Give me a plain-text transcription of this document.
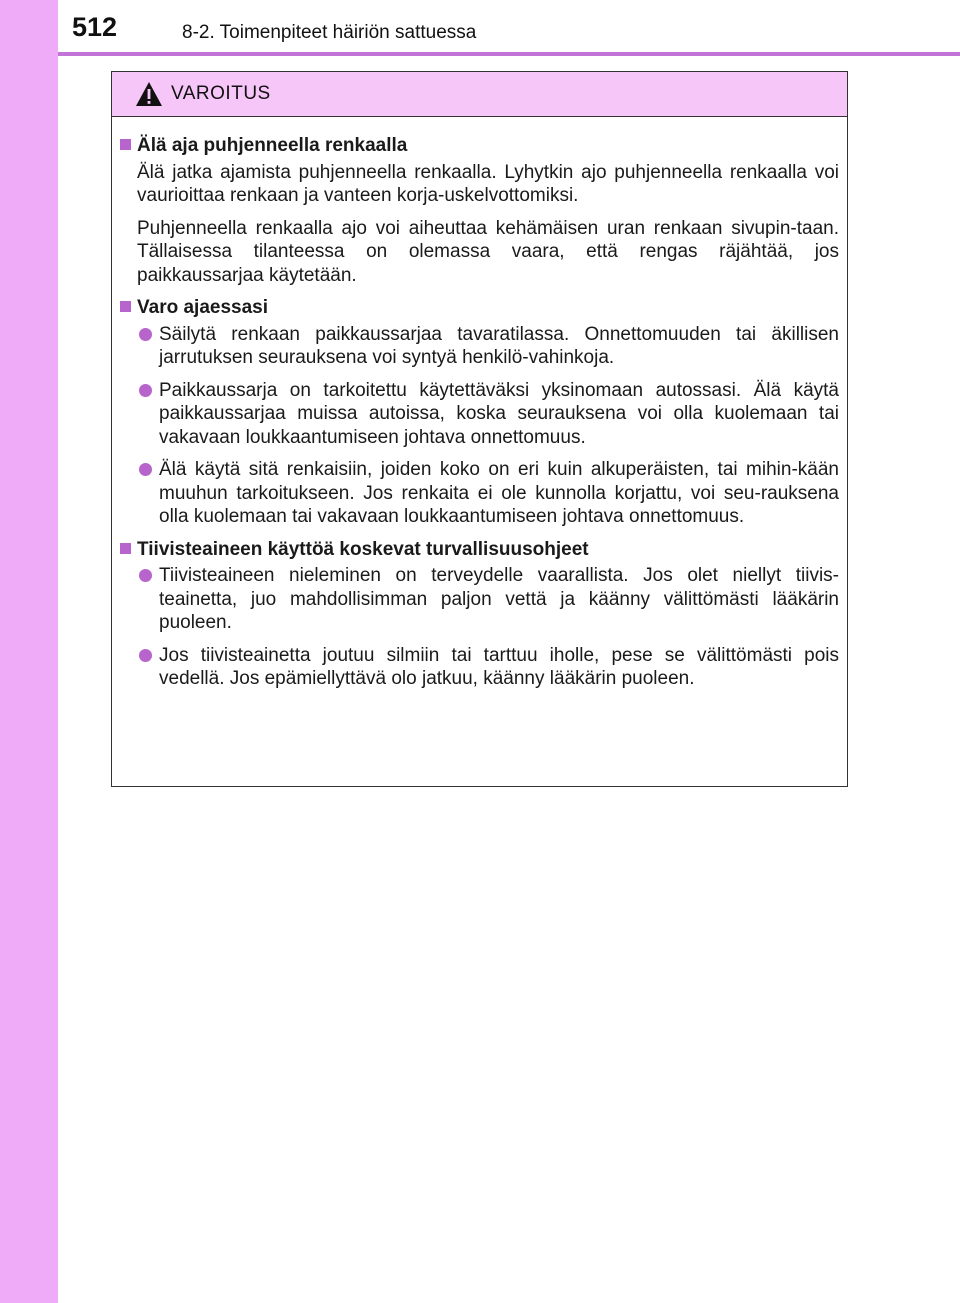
512	8-2. Toimenpiteet häiriön sattuessa
VAROITUS
Älä aja puhjenneella renkaalla

Älä jatka ajamista puhjenneella renkaalla. Lyhytkin ajo puhjenneella renkaalla voi vaurioittaa renkaan ja vanteen korja-uskelvottomiksi.

Puhjenneella renkaalla ajo voi aiheuttaa kehämäisen uran renkaan sivupin-taan. Tällaisessa tilanteessa on olemassa vaara, että rengas räjähtää, jos paikkaussarjaa käytetään.

Varo ajaessasi
Säilytä renkaan paikkaussarjaa tavaratilassa. Onnettomuuden tai äkillisen jarrutuksen seurauksena voi syntyä henkilö-vahinkoja.
Paikkaussarja on tarkoitettu käytettäväksi yksinomaan autossasi. Älä käytä paikkaussarjaa muissa autoissa, koska seurauksena voi olla kuolemaan tai vakavaan loukkaantumiseen johtava onnettomuus.
Älä käytä sitä renkaisiin, joiden koko on eri kuin alkuperäisten, tai mihin-kään muuhun tarkoitukseen. Jos renkaita ei ole kunnolla korjattu, voi seu-rauksena olla kuolemaan tai vakavaan loukkaantumiseen johtava onnettomuus.
Tiivisteaineen käyttöä koskevat turvallisuusohjeet
Tiivisteaineen nieleminen on terveydelle vaarallista. Jos olet niellyt tiivis-teainetta, juo mahdollisimman paljon vettä ja käänny välittömästi lääkärin puoleen.
Jos tiivisteainetta joutuu silmiin tai tarttuu iholle, pese se välittömästi pois vedellä. Jos epämiellyttävä olo jatkuu, käänny lääkärin puoleen.
